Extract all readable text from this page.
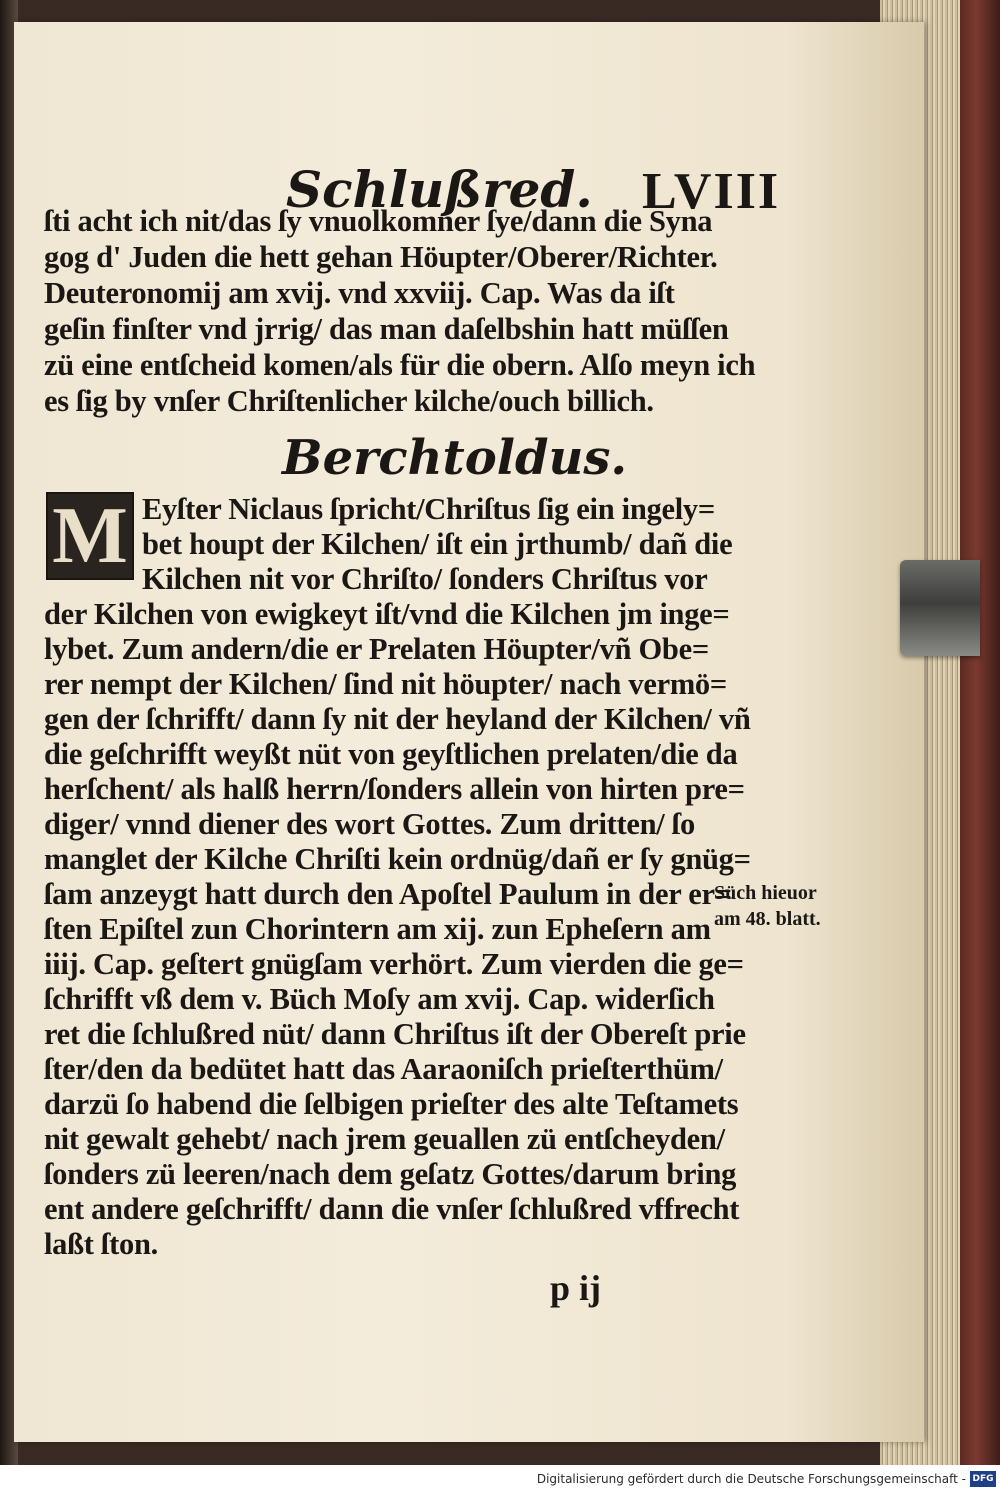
Schlußred. LVIII
ſti acht ich nit/das ſy vnuolkomner ſye/dann die Syna
gog d' Juden die hett gehan Höupter/Oberer/Richter.
Deuteronomij am xvij. vnd xxviij. Cap. Was da iſt
geſin finſter vnd jrrig/ das man daſelbshin hatt müſſen
zü eine entſcheid komen/als für die obern. Alſo meyn ich
es ſig by vnſer Chriſtenlicher kilche/ouch billich.
Berchtoldus.
M Eyſter Niclaus ſpricht/Chriſtus ſig ein ingely=
bet houpt der Kilchen/ iſt ein jrthumb/ dañ die
Kilchen nit vor Chriſto/ ſonders Chriſtus vor
der Kilchen von ewigkeyt iſt/vnd die Kilchen jm inge=
lybet. Zum andern/die er Prelaten Höupter/vñ Obe=
rer nempt der Kilchen/ ſind nit höupter/ nach vermö=
gen der ſchrifft/ dann ſy nit der heyland der Kilchen/ vñ
die geſchrifft weyßt nüt von geyſtlichen prelaten/die da
herſchent/ als halß herrn/ſonders allein von hirten pre=
diger/ vnnd diener des wort Gottes. Zum dritten/ ſo
manglet der Kilche Chriſti kein ordnüg/dañ er ſy gnüg=
ſam anzeygt hatt durch den Apoſtel Paulum in der er=
ſten Epiſtel zun Chorintern am xij. zun Epheſern am
iiij. Cap. geſtert gnügſam verhört. Zum vierden die ge=
ſchrifft vß dem v. Büch Moſy am xvij. Cap. widerſich
ret die ſchlußred nüt/ dann Chriſtus iſt der Obereſt prie
ſter/den da bedütet hatt das Aaraoniſch prieſterthüm/
darzü ſo habend die ſelbigen prieſter des alte Teſtamets
nit gewalt gehebt/ nach jrem geuallen zü entſcheyden/
ſonders zü leeren/nach dem geſatz Gottes/darum bring
ent andere geſchrifft/ dann die vnſer ſchlußred vffrecht
laßt ſton.
Süch hieuor
am 48. blatt.
p ij
Digitalisierung gefördert durch die Deutsche Forschungsgemeinschaft - DFG
